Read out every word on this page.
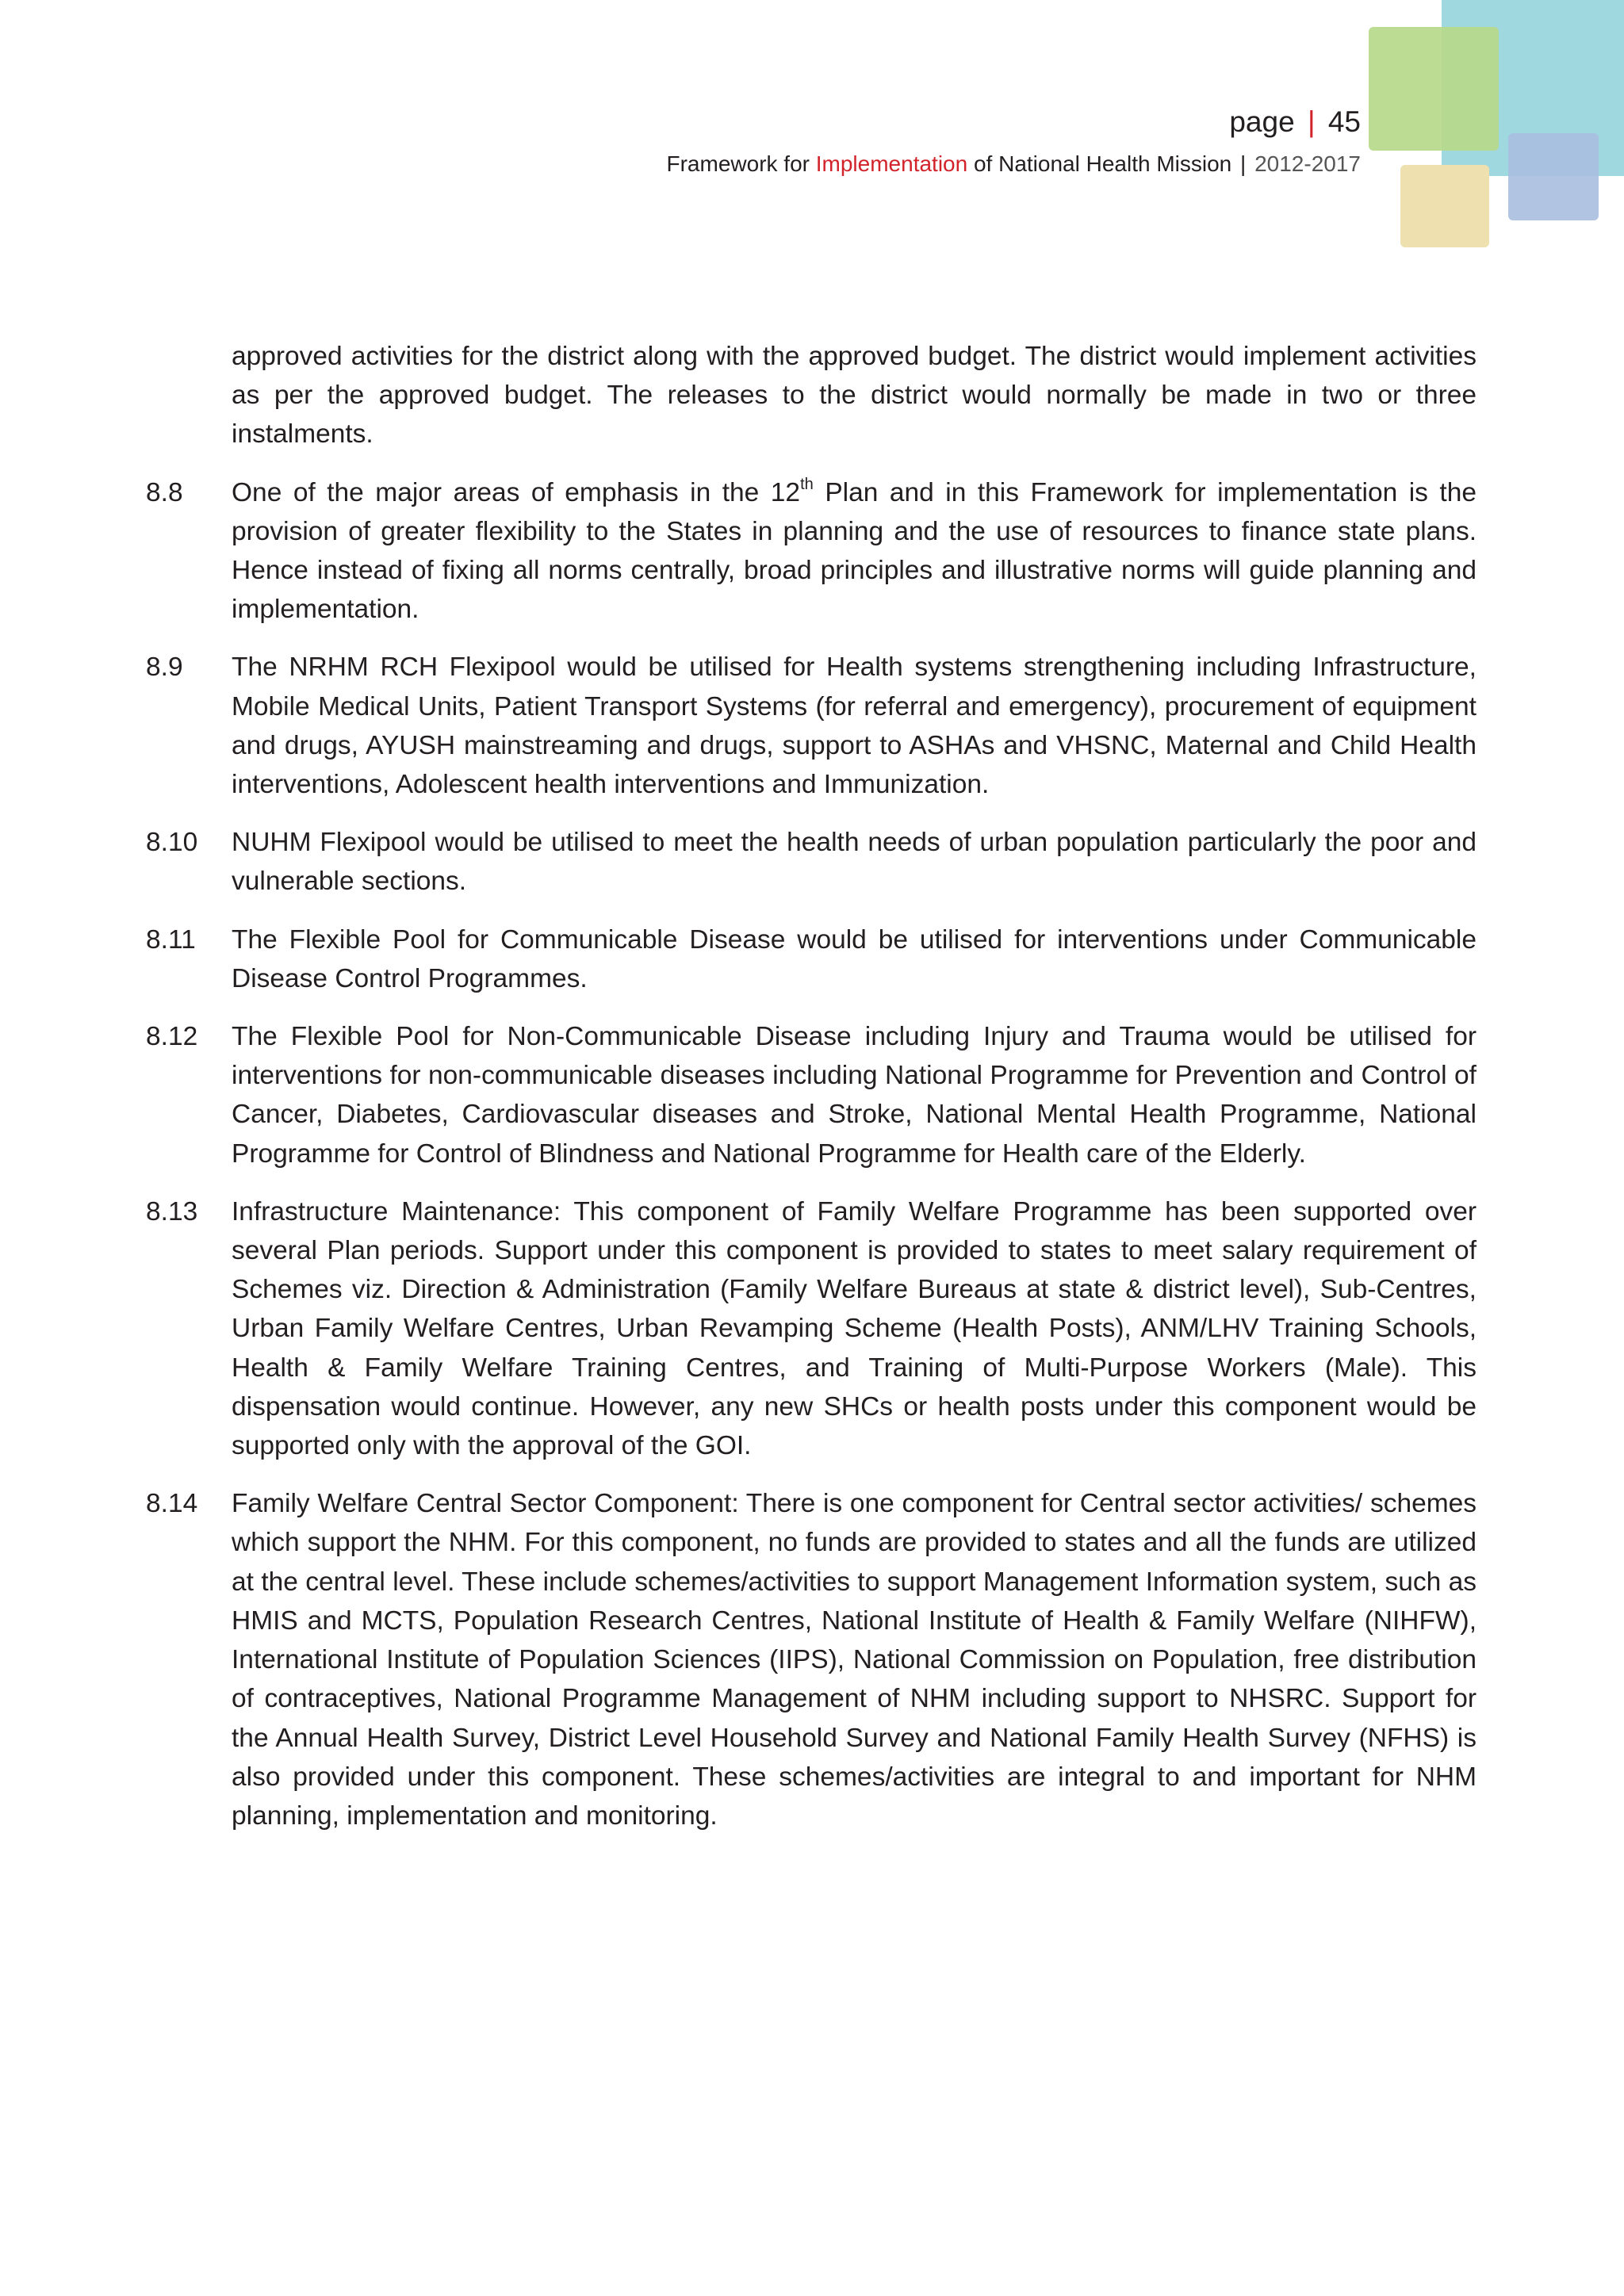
page | 45
Framework for Implementation of National Health Mission | 2012-2017

approved activities for the district along with the approved budget. The district would implement activities as per the approved budget. The releases to the district would normally be made in two or three instalments.

8.8 One of the major areas of emphasis in the 12th Plan and in this Framework for implementation is the provision of greater flexibility to the States in planning and the use of resources to finance state plans. Hence instead of fixing all norms centrally, broad principles and illustrative norms will guide planning and implementation.

8.9 The NRHM RCH Flexipool would be utilised for Health systems strengthening including Infrastructure, Mobile Medical Units, Patient Transport Systems (for referral and emergency), procurement of equipment and drugs, AYUSH mainstreaming and drugs, support to ASHAs and VHSNC, Maternal and Child Health interventions, Adolescent health interventions and Immunization.

8.10 NUHM Flexipool would be utilised to meet the health needs of urban population particularly the poor and vulnerable sections.

8.11 The Flexible Pool for Communicable Disease would be utilised for interventions under Communicable Disease Control Programmes.

8.12 The Flexible Pool for Non-Communicable Disease including Injury and Trauma would be utilised for interventions for non-communicable diseases including National Programme for Prevention and Control of Cancer, Diabetes, Cardiovascular diseases and Stroke, National Mental Health Programme, National Programme for Control of Blindness and National Programme for Health care of the Elderly.

8.13 Infrastructure Maintenance: This component of Family Welfare Programme has been supported over several Plan periods. Support under this component is provided to states to meet salary requirement of Schemes viz. Direction & Administration (Family Welfare Bureaus at state & district level), Sub-Centres, Urban Family Welfare Centres, Urban Revamping Scheme (Health Posts), ANM/LHV Training Schools, Health & Family Welfare Training Centres, and Training of Multi-Purpose Workers (Male). This dispensation would continue. However, any new SHCs or health posts under this component would be supported only with the approval of the GOI.

8.14 Family Welfare Central Sector Component: There is one component for Central sector activities/ schemes which support the NHM. For this component, no funds are provided to states and all the funds are utilized at the central level. These include schemes/activities to support Management Information system, such as HMIS and MCTS, Population Research Centres, National Institute of Health & Family Welfare (NIHFW), International Institute of Population Sciences (IIPS), National Commission on Population, free distribution of contraceptives, National Programme Management of NHM including support to NHSRC. Support for the Annual Health Survey, District Level Household Survey and National Family Health Survey (NFHS) is also provided under this component. These schemes/activities are integral to and important for NHM planning, implementation and monitoring.
